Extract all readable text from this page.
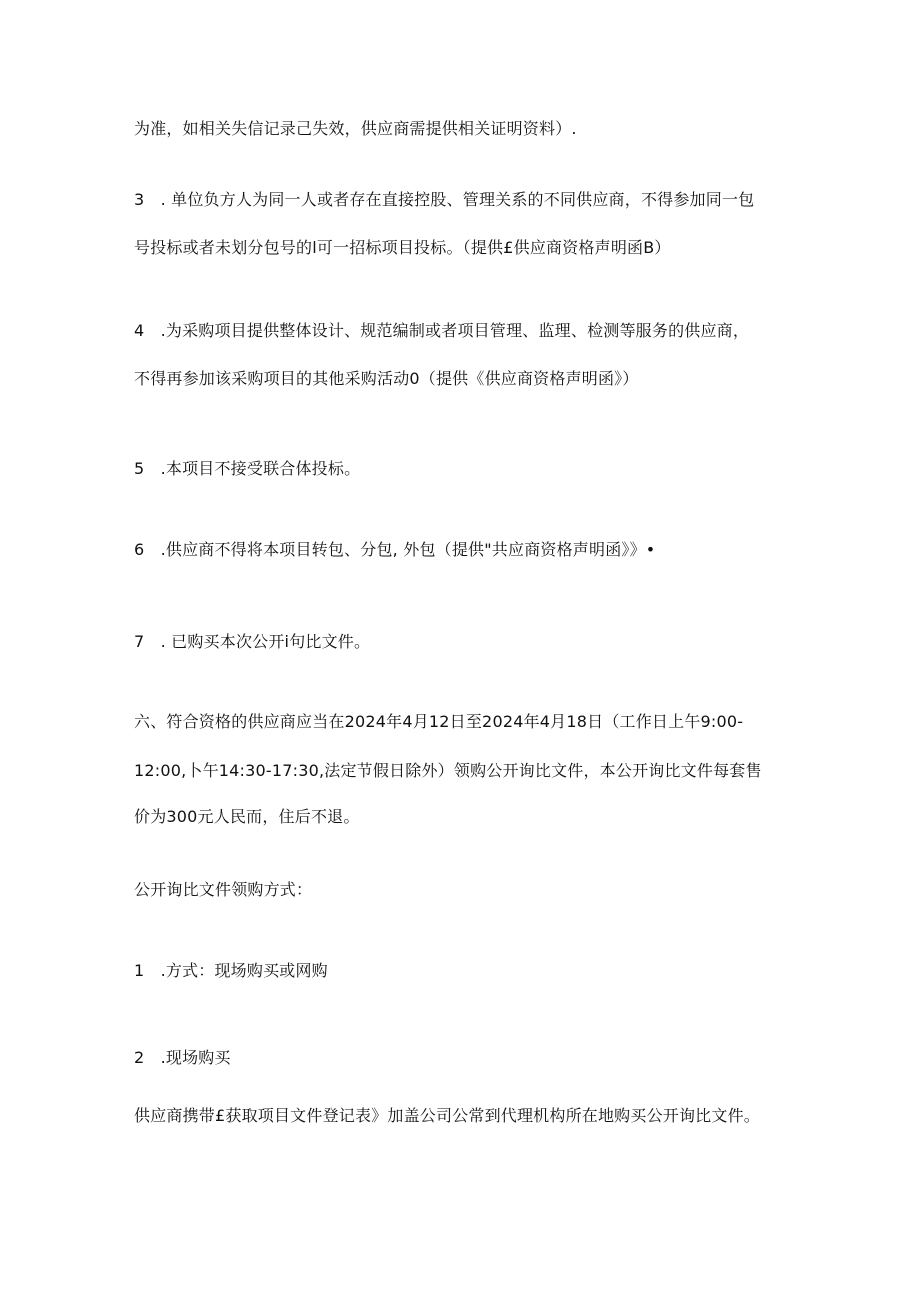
为准，如相关失信记录己失效，供应商需提供相关证明资料）.

3　. 单位负方人为同一人或者存在直接控股、管理关系的不同供应商，不得参加同一包

号投标或者未划分包号的l可一招标项目投标。（提供£供应商资格声明函B）

4　.为采购项目提供整体设计、规范编制或者项目管理、监理、检测等服务的供应商，

不得再参加该采购项目的其他采购活动0（提供《供应商资格声明函》）

5　.本项目不接受联合体投标。

6　.供应商不得将本项目转包、分包, 外包（提供"共应商资格声明函》》•

7　. 已购买本次公开i句比文件。

六、符合资格的供应商应当在2024年4月12日至2024年4月18日（工作日上午9:00-

12:00,卜午14:30-17:30,法定节假日除外）领购公开询比文件，本公开询比文件每套售

价为300元人民而，住后不退。

公开询比文件领购方式：

1　.方式：现场购买或网购

2　.现场购买

供应商携带£获取项目文件登记表》加盖公司公常到代理机构所在地购买公开询比文件。
